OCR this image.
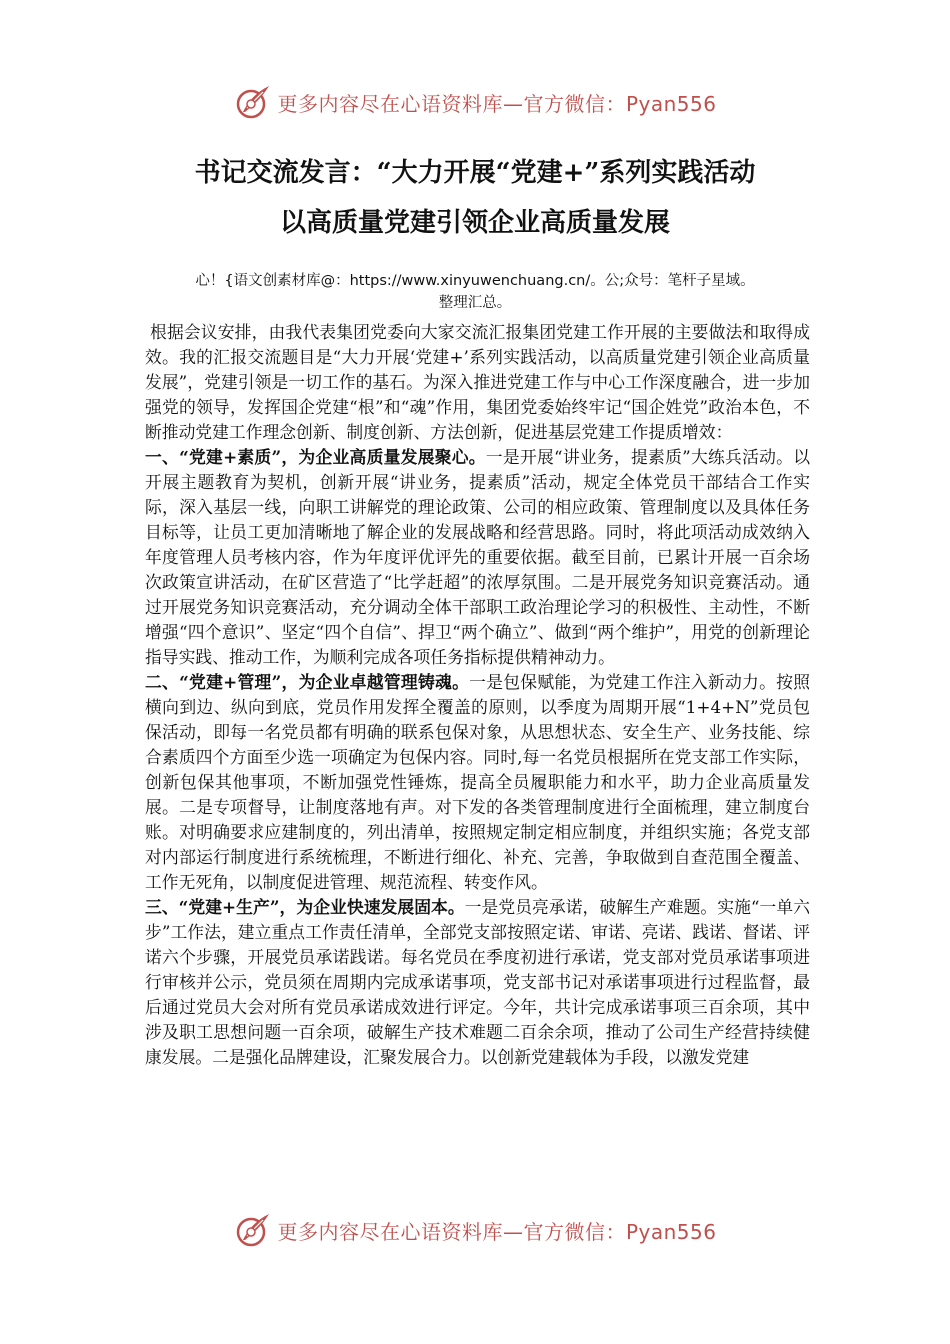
更多内容尽在心语资料库—官方微信：Pyan556
书记交流发言：“大力开展“党建+”系列实践活动
以高质量党建引领企业高质量发展
心！{语文创素材库@：https://www.xinyuwenchuang.cn/。公;众号：笔杆子星域。
整理汇总。

根据会议安排，由我代表集团党委向大家交流汇报集团党建工作开展的主要做法和取得成效。我的汇报交流题目是“大力开展‘党建+’系列实践活动，以高质量党建引领企业高质量发展”，党建引领是一切工作的基石。为深入推进党建工作与中心工作深度融合，进一步加强党的领导，发挥国企党建“根”和“魂”作用，集团党委始终牢记“国企姓党”政治本色，不断推动党建工作理念创新、制度创新、方法创新，促进基层党建工作提质增效：

一、“党建+素质”，为企业高质量发展聚心。一是开展“讲业务，提素质”大练兵活动。以开展主题教育为契机，创新开展“讲业务，提素质”活动，规定全体党员干部结合工作实际，深入基层一线，向职工讲解党的理论政策、公司的相应政策、管理制度以及具体任务目标等，让员工更加清晰地了解企业的发展战略和经营思路。同时，将此项活动成效纳入年度管理人员考核内容，作为年度评优评先的重要依据。截至目前，已累计开展一百余场次政策宣讲活动，在矿区营造了“比学赶超”的浓厚氛围。二是开展党务知识竞赛活动。通过开展党务知识竞赛活动，充分调动全体干部职工政治理论学习的积极性、主动性，不断增强“四个意识”、坚定“四个自信”、捍卫“两个确立”、做到“两个维护”，用党的创新理论指导实践、推动工作，为顺利完成各项任务指标提供精神动力。

二、“党建+管理”，为企业卓越管理铸魂。一是包保赋能，为党建工作注入新动力。按照横向到边、纵向到底，党员作用发挥全覆盖的原则，以季度为周期开展“1+4+N”党员包保活动，即每一名党员都有明确的联系包保对象，从思想状态、安全生产、业务技能、综合素质四个方面至少选一项确定为包保内容。同时,每一名党员根据所在党支部工作实际，创新包保其他事项，不断加强党性锤炼，提高全员履职能力和水平，助力企业高质量发展。二是专项督导，让制度落地有声。对下发的各类管理制度进行全面梳理，建立制度台账。对明确要求应建制度的，列出清单，按照规定制定相应制度，并组织实施；各党支部对内部运行制度进行系统梳理，不断进行细化、补充、完善，争取做到自查范围全覆盖、工作无死角，以制度促进管理、规范流程、转变作风。

三、“党建+生产”，为企业快速发展固本。一是党员亮承诺，破解生产难题。实施“一单六步”工作法，建立重点工作责任清单，全部党支部按照定诺、审诺、亮诺、践诺、督诺、评诺六个步骤，开展党员承诺践诺。每名党员在季度初进行承诺，党支部对党员承诺事项进行审核并公示，党员须在周期内完成承诺事项，党支部书记对承诺事项进行过程监督，最后通过党员大会对所有党员承诺成效进行评定。今年，共计完成承诺事项三百余项，其中涉及职工思想问题一百余项，破解生产技术难题二百余余项，推动了公司生产经营持续健康发展。二是强化品牌建设，汇聚发展合力。以创新党建载体为手段，以激发党建

更多内容尽在心语资料库—官方微信：Pyan556
